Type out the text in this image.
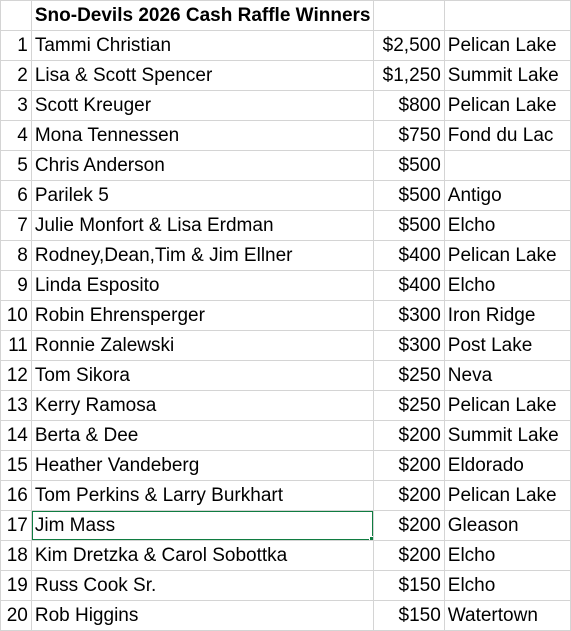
	Sno-Devils 2026 Cash Raffle Winners		
1	Tammi Christian	$2,500	Pelican Lake
2	Lisa & Scott Spencer	$1,250	Summit Lake
3	Scott Kreuger	$800	Pelican Lake
4	Mona Tennessen	$750	Fond du Lac
5	Chris Anderson	$500	
6	Parilek 5	$500	Antigo
7	Julie Monfort & Lisa Erdman	$500	Elcho
8	Rodney,Dean,Tim & Jim Ellner	$400	Pelican Lake
9	Linda Esposito	$400	Elcho
10	Robin Ehrensperger	$300	Iron Ridge
11	Ronnie Zalewski	$300	Post Lake
12	Tom Sikora	$250	Neva
13	Kerry Ramosa	$250	Pelican Lake
14	Berta & Dee	$200	Summit Lake
15	Heather Vandeberg	$200	Eldorado
16	Tom Perkins & Larry Burkhart	$200	Pelican Lake
17	Jim Mass	$200	Gleason
18	Kim Dretzka & Carol Sobottka	$200	Elcho
19	Russ Cook Sr.	$150	Elcho
20	Rob Higgins	$150	Watertown
